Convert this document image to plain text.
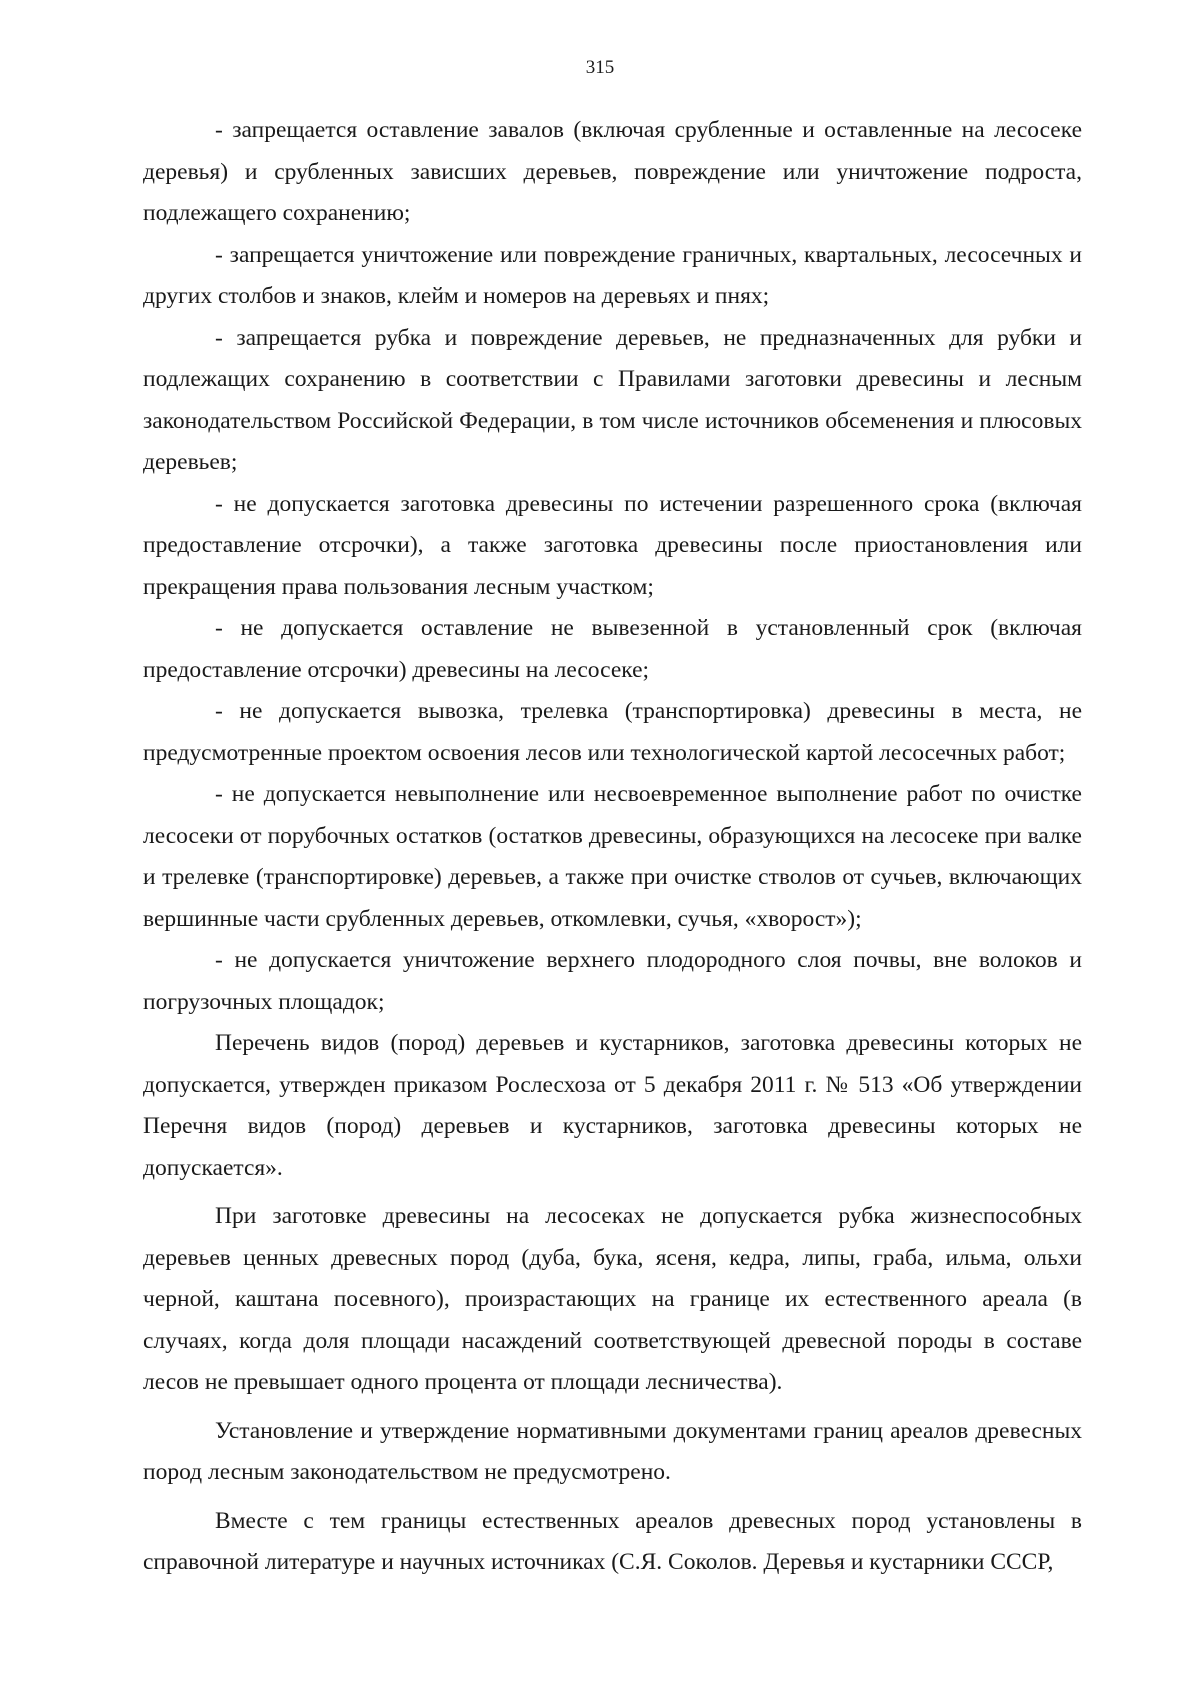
315

- запрещается оставление завалов (включая срубленные и оставленные на лесосеке деревья) и срубленных зависших деревьев, повреждение или уничтожение подроста, подлежащего сохранению;

- запрещается уничтожение или повреждение граничных, квартальных, лесосечных и других столбов и знаков, клейм и номеров на деревьях и пнях;

- запрещается рубка и повреждение деревьев, не предназначенных для рубки и подлежащих сохранению в соответствии с Правилами заготовки древесины и лесным законодательством Российской Федерации, в том числе источников обсеменения и плюсовых деревьев;

- не допускается заготовка древесины по истечении разрешенного срока (включая предоставление отсрочки), а также заготовка древесины после приостановления или прекращения права пользования лесным участком;

- не допускается оставление не вывезенной в установленный срок (включая предоставление отсрочки) древесины на лесосеке;

- не допускается вывозка, трелевка (транспортировка) древесины в места, не предусмотренные проектом освоения лесов или технологической картой лесосечных работ;

- не допускается невыполнение или несвоевременное выполнение работ по очистке лесосеки от порубочных остатков (остатков древесины, образующихся на лесосеке при валке и трелевке (транспортировке) деревьев, а также при очистке стволов от сучьев, включающих вершинные части срубленных деревьев, откомлевки, сучья, «хворост»);

- не допускается уничтожение верхнего плодородного слоя почвы, вне волоков и погрузочных площадок;

Перечень видов (пород) деревьев и кустарников, заготовка древесины которых не допускается, утвержден приказом Рослесхоза от 5 декабря 2011 г. № 513 «Об утверждении Перечня видов (пород) деревьев и кустарников, заготовка древесины которых не допускается».

При заготовке древесины на лесосеках не допускается рубка жизнеспособных деревьев ценных древесных пород (дуба, бука, ясеня, кедра, липы, граба, ильма, ольхи черной, каштана посевного), произрастающих на границе их естественного ареала (в случаях, когда доля площади насаждений соответствующей древесной породы в составе лесов не превышает одного процента от площади лесничества).

Установление и утверждение нормативными документами границ ареалов древесных пород лесным законодательством не предусмотрено.

Вместе с тем границы естественных ареалов древесных пород установлены в справочной литературе и научных источниках (С.Я. Соколов. Деревья и кустарники СССР,
